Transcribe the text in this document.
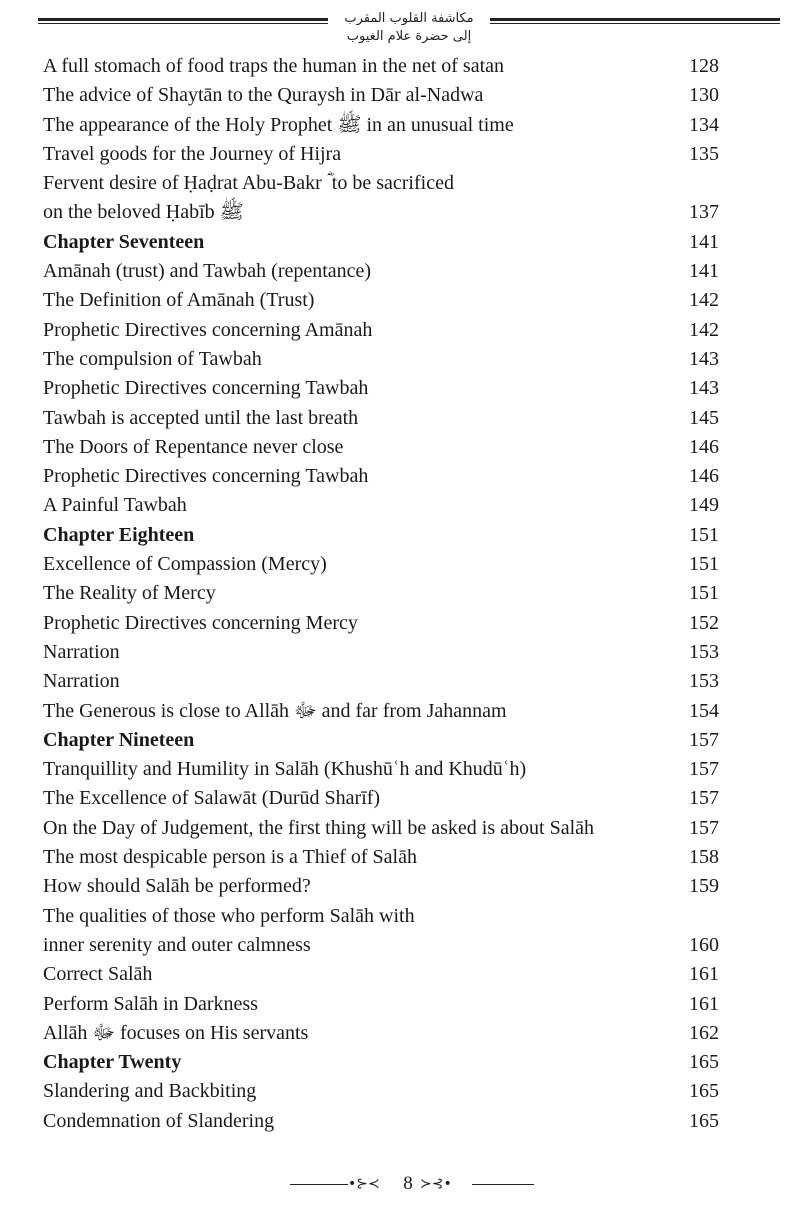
مكاشفة القلوب المقرب إلى حضرة علام الغيوب
A full stomach of food traps the human in the net of satan	128
The advice of Shaytān to the Quraysh in Dār al-Nadwa	130
The appearance of the Holy Prophet ﷺ in an unusual time	134
Travel goods for the Journey of Hijra	135
Fervent desire of Ḥaḍrat Abu-Bakr ؓ to be sacrificed
on the beloved Ḥabīb ﷺ	137
Chapter Seventeen	141
Amānah (trust) and Tawbah (repentance)	141
The Definition of Amānah (Trust)	142
Prophetic Directives concerning Amānah	142
The compulsion of Tawbah	143
Prophetic Directives concerning Tawbah	143
Tawbah is accepted until the last breath	145
The Doors of Repentance never close	146
Prophetic Directives concerning Tawbah	146
A Painful Tawbah	149
Chapter Eighteen	151
Excellence of Compassion (Mercy)	151
The Reality of Mercy	151
Prophetic Directives concerning Mercy	152
Narration	153
Narration	153
The Generous is close to Allāh ﷻ and far from Jahannam	154
Chapter Nineteen	157
Tranquillity and Humility in Salāh (Khushūʿh and Khudūʿh)	157
The Excellence of Salawāt (Durūd Sharīf)	157
On the Day of Judgement, the first thing will be asked is about Salāh	157
The most despicable person is a Thief of Salāh	158
How should Salāh be performed?	159
The qualities of those who perform Salāh with
inner serenity and outer calmness	160
Correct Salāh	161
Perform Salāh in Darkness	161
Allāh ﷻ focuses on His servants	162
Chapter Twenty	165
Slandering and Backbiting	165
Condemnation of Slandering	165
•⊱≺	8 ≻⊰•
